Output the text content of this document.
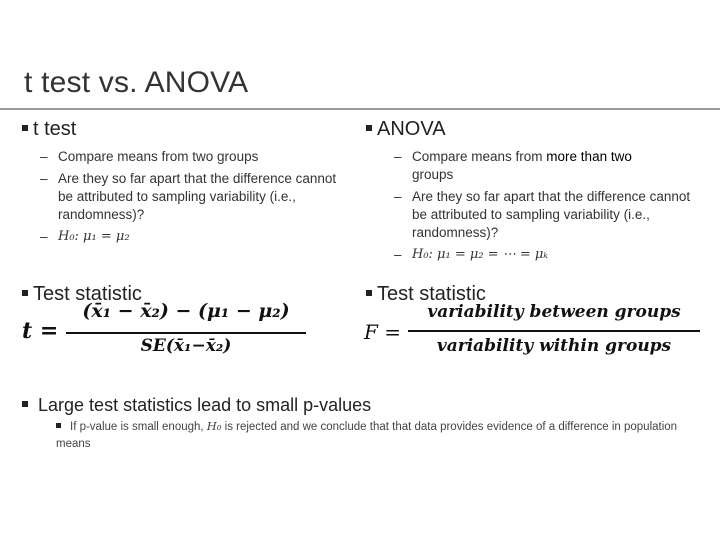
t test vs. ANOVA
t test
– Compare means from two groups
– Are they so far apart that the difference cannot be attributed to sampling variability (i.e., randomness)?
– H₀: μ₁ = μ₂
Test statistic
t =
(x̄₁ − x̄₂) − (μ₁ − μ₂)
SE(x̄₁−x̄₂)
ANOVA
– Compare means from more than two
groups
– Are they so far apart that the difference cannot be attributed to sampling variability (i.e., randomness)?
– H₀: μ₁ = μ₂ = ⋯ = μₖ
Test statistic
F =
variability between groups
variability within groups
Large test statistics lead to small p-values
If p-value is small enough, H₀ is rejected and we conclude that that data provides evidence of a difference in population means
